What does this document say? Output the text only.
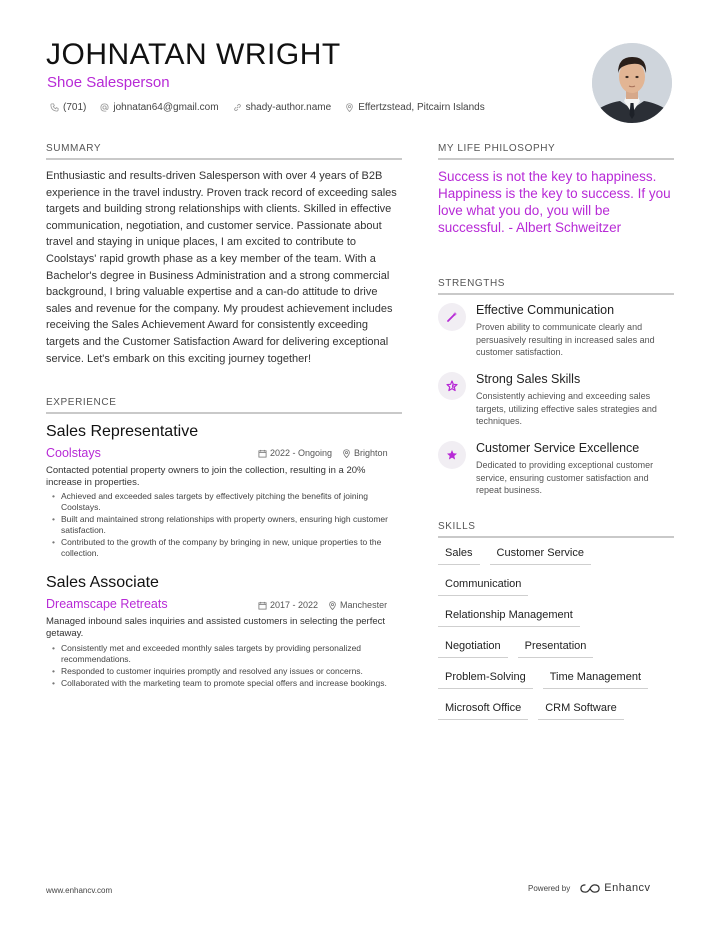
JOHNATAN WRIGHT
Shoe Salesperson
(701)	johnatan64@gmail.com	shady-author.name	Effertzstead, Pitcairn Islands
SUMMARY
Enthusiastic and results-driven Salesperson with over 4 years of B2B experience in the travel industry. Proven track record of exceeding sales targets and building strong relationships with clients. Skilled in effective communication, negotiation, and customer service. Passionate about travel and staying in unique places, I am excited to contribute to Coolstays' rapid growth phase as a key member of the team. With a Bachelor's degree in Business Administration and a strong commercial background, I bring valuable expertise and a can-do attitude to drive sales and revenue for the company. My proudest achievement includes receiving the Sales Achievement Award for consistently exceeding targets and the Customer Satisfaction Award for delivering exceptional service. Let's embark on this exciting journey together!
EXPERIENCE
Sales Representative
Coolstays	2022 - Ongoing Brighton
Contacted potential property owners to join the collection, resulting in a 20% increase in properties.
• Achieved and exceeded sales targets by effectively pitching the benefits of joining Coolstays.
• Built and maintained strong relationships with property owners, ensuring high customer satisfaction.
• Contributed to the growth of the company by bringing in new, unique properties to the collection.
Sales Associate
Dreamscape Retreats	2017 - 2022 Manchester
Managed inbound sales inquiries and assisted customers in selecting the perfect getaway.
• Consistently met and exceeded monthly sales targets by providing personalized recommendations.
• Responded to customer inquiries promptly and resolved any issues or concerns.
• Collaborated with the marketing team to promote special offers and increase bookings.
MY LIFE PHILOSOPHY
Success is not the key to happiness. Happiness is the key to success. If you love what you do, you will be successful. - Albert Schweitzer
STRENGTHS
Effective Communication
Proven ability to communicate clearly and persuasively resulting in increased sales and customer satisfaction.
Strong Sales Skills
Consistently achieving and exceeding sales targets, utilizing effective sales strategies and techniques.
Customer Service Excellence
Dedicated to providing exceptional customer service, ensuring customer satisfaction and repeat business.
SKILLS
Sales	Customer Service
Communication
Relationship Management
Negotiation	Presentation
Problem-Solving	Time Management
Microsoft Office	CRM Software
www.enhancv.com	Powered by	Enhancv
